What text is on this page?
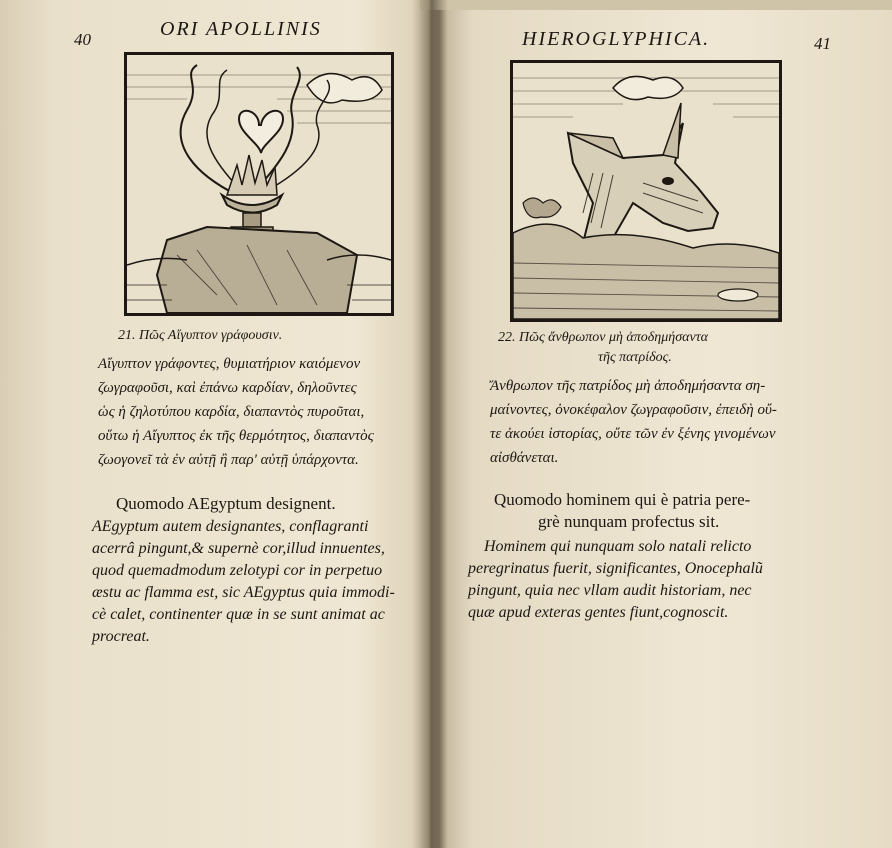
40	ORI APOLLINIS
21. Πῶς Αἴγυπτον γράφουσιν.
Αἴγυπτον γράφοντες, θυμιατήριον καιόμενον
ζωγραφοῦσι, καὶ ἐπάνω καρδίαν, δηλοῦντες
ὡς ἡ ζηλοτύπου καρδία, διαπαντὸς πυροῦται,
οὕτω ἡ Αἴγυπτος ἐκ τῆς θερμότητος, διαπαντὸς
ζωογονεῖ τὰ ἐν αὐτῇ ἢ παρ' αὐτῇ ὑπάρχοντα.
Quomodo AEgyptum designent.
AEgyptum autem designantes, conflagranti
acerrâ pingunt,& supernè cor,illud innuentes,
quod quemadmodum zelotypi cor in perpetuo
æstu ac flamma est, sic AEgyptus quia immodi-
cè calet, continenter quæ in se sunt animat ac
procreat.
HIEROGLYPHICA.	41
22. Πῶς ἄνθρωπον μὴ ἀποδημήσαντα
τῆς πατρίδος.
Ἄνθρωπον τῆς πατρίδος μὴ ἀποδημήσαντα ση-
μαίνοντες, ὀνοκέφαλον ζωγραφοῦσιν, ἐπειδὴ οὔ-
τε ἀκούει ἱστορίας, οὔτε τῶν ἐν ξένης γινομένων
αἰσθάνεται.
Quomodo hominem qui è patria pere-
grè nunquam profectus sit.
Hominem qui nunquam solo natali relicto
peregrinatus fuerit, significantes, Onocephalũ
pingunt, quia nec vllam audit historiam, nec
quæ apud exteras gentes fiunt,cognoscit.
